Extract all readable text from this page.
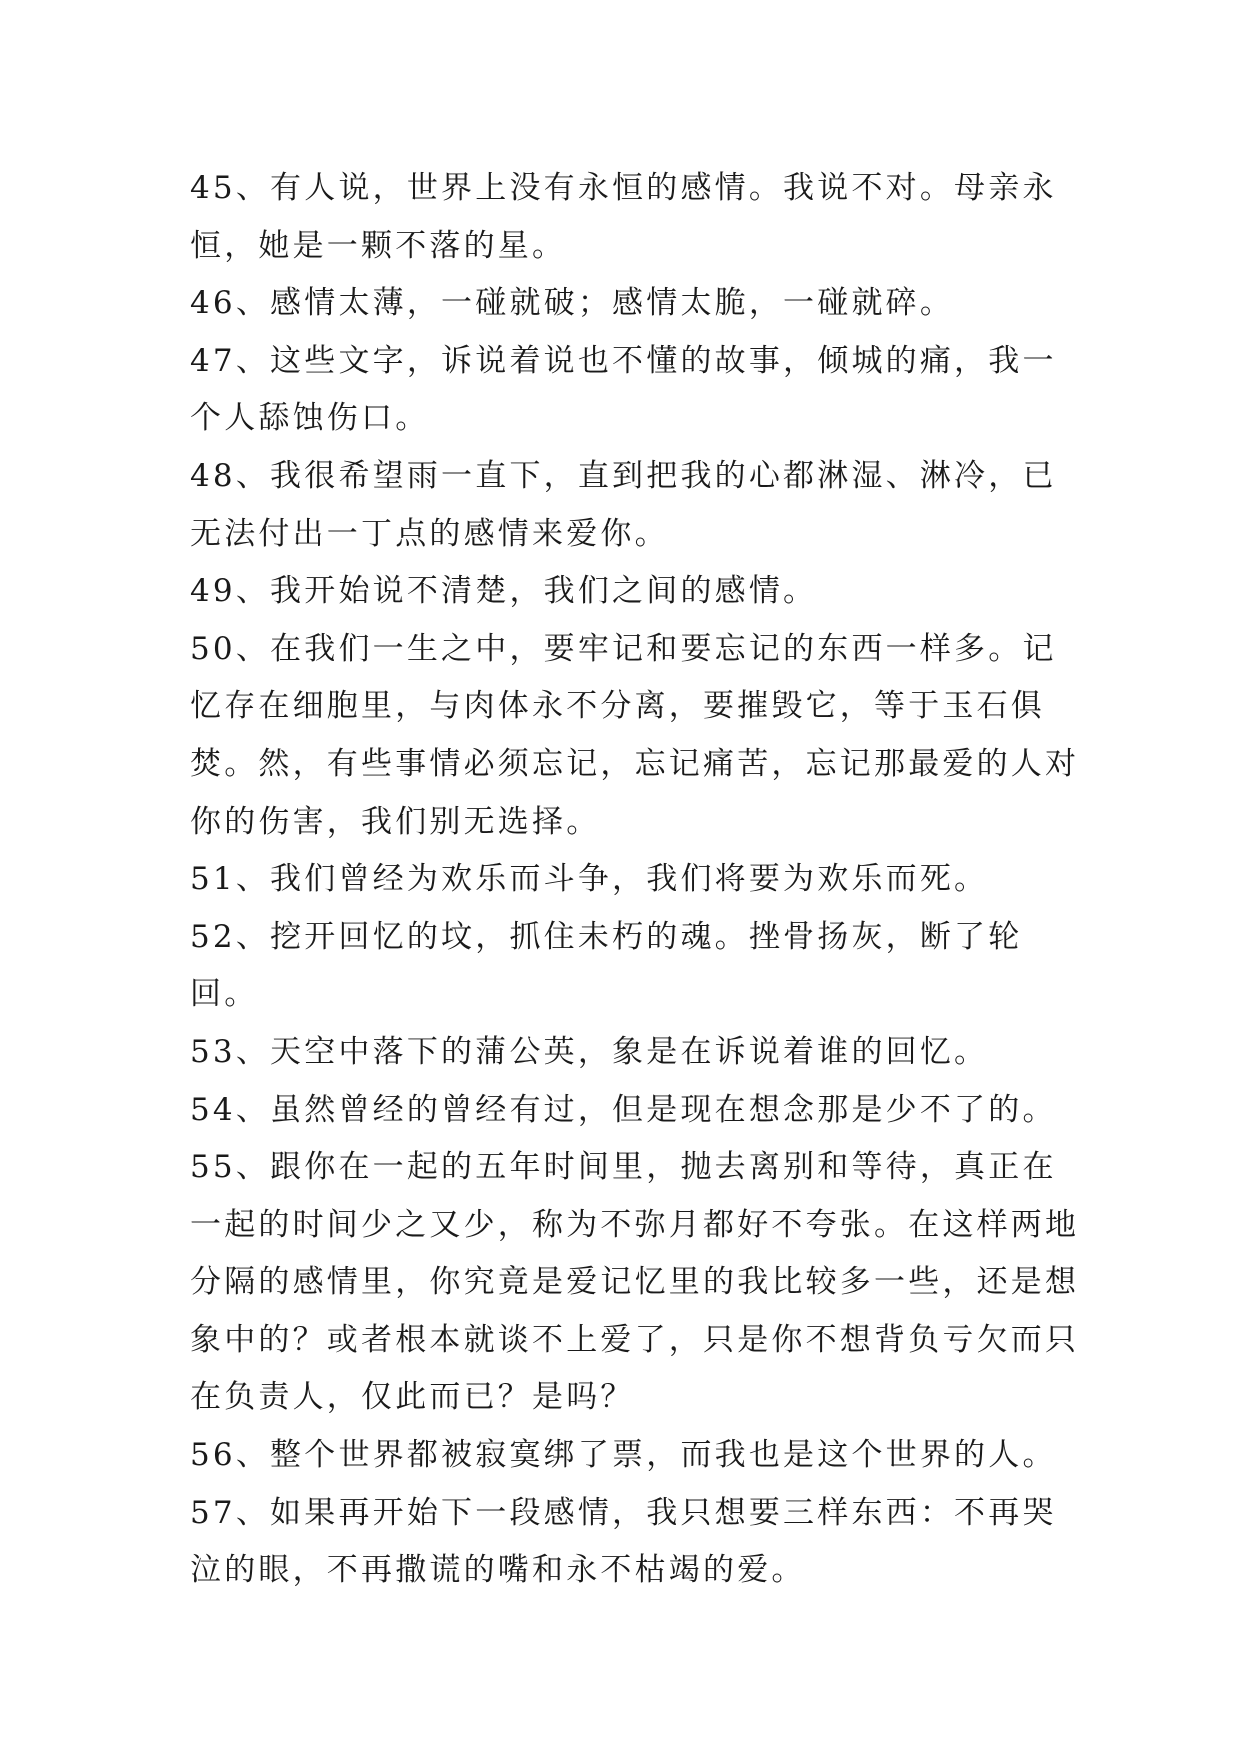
45、有人说，世界上没有永恒的感情。我说不对。母亲永恒，她是一颗不落的星。

46、感情太薄，一碰就破；感情太脆，一碰就碎。

47、这些文字，诉说着说也不懂的故事，倾城的痛，我一个人舔蚀伤口。

48、我很希望雨一直下，直到把我的心都淋湿、淋冷，已无法付出一丁点的感情来爱你。

49、我开始说不清楚，我们之间的感情。

50、在我们一生之中，要牢记和要忘记的东西一样多。记忆存在细胞里，与肉体永不分离，要摧毁它，等于玉石俱焚。然，有些事情必须忘记，忘记痛苦，忘记那最爱的人对你的伤害，我们别无选择。

51、我们曾经为欢乐而斗争，我们将要为欢乐而死。

52、挖开回忆的坟，抓住未朽的魂。挫骨扬灰，断了轮回。

53、天空中落下的蒲公英，象是在诉说着谁的回忆。

54、虽然曾经的曾经有过，但是现在想念那是少不了的。

55、跟你在一起的五年时间里，抛去离别和等待，真正在一起的时间少之又少，称为不弥月都好不夸张。在这样两地分隔的感情里，你究竟是爱记忆里的我比较多一些，还是想象中的？或者根本就谈不上爱了，只是你不想背负亏欠而只在负责人，仅此而已？是吗？

56、整个世界都被寂寞绑了票，而我也是这个世界的人。

57、如果再开始下一段感情，我只想要三样东西：不再哭泣的眼，不再撒谎的嘴和永不枯竭的爱。
